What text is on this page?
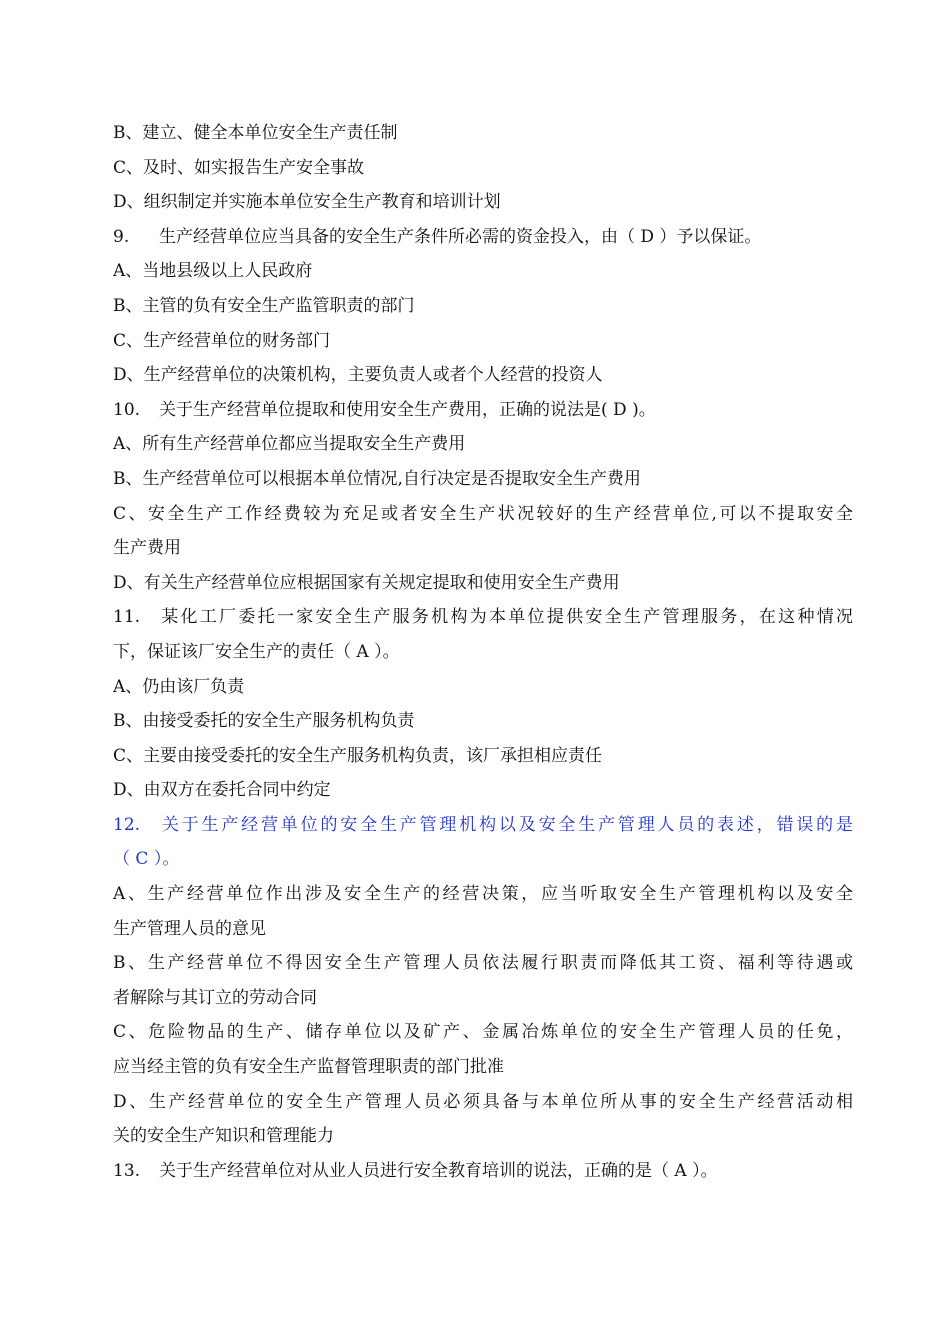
B、建立、健全本单位安全生产责任制
C、及时、如实报告生产安全事故
D、组织制定并实施本单位安全生产教育和培训计划
9. 生产经营单位应当具备的安全生产条件所必需的资金投入，由（ D ）予以保证。
A、当地县级以上人民政府
B、主管的负有安全生产监管职责的部门
C、生产经营单位的财务部门
D、生产经营单位的决策机构，主要负责人或者个人经营的投资人
10. 关于生产经营单位提取和使用安全生产费用，正确的说法是( D )。
A、所有生产经营单位都应当提取安全生产费用
B、生产经营单位可以根据本单位情况,自行决定是否提取安全生产费用
C、安全生产工作经费较为充足或者安全生产状况较好的生产经营单位,可以不提取安全
生产费用
D、有关生产经营单位应根据国家有关规定提取和使用安全生产费用
11. 某化工厂委托一家安全生产服务机构为本单位提供安全生产管理服务，在这种情况
下，保证该厂安全生产的责任（ A ）。
A、仍由该厂负责
B、由接受委托的安全生产服务机构负责
C、主要由接受委托的安全生产服务机构负责，该厂承担相应责任
D、由双方在委托合同中约定
12. 关于生产经营单位的安全生产管理机构以及安全生产管理人员的表述，错误的是
（ C ）。
A、生产经营单位作出涉及安全生产的经营决策，应当听取安全生产管理机构以及安全
生产管理人员的意见
B、生产经营单位不得因安全生产管理人员依法履行职责而降低其工资、福利等待遇或
者解除与其订立的劳动合同
C、危险物品的生产、储存单位以及矿产、金属冶炼单位的安全生产管理人员的任免，
应当经主管的负有安全生产监督管理职责的部门批准
D、生产经营单位的安全生产管理人员必须具备与本单位所从事的安全生产经营活动相
关的安全生产知识和管理能力
13. 关于生产经营单位对从业人员进行安全教育培训的说法，正确的是（ A ）。
